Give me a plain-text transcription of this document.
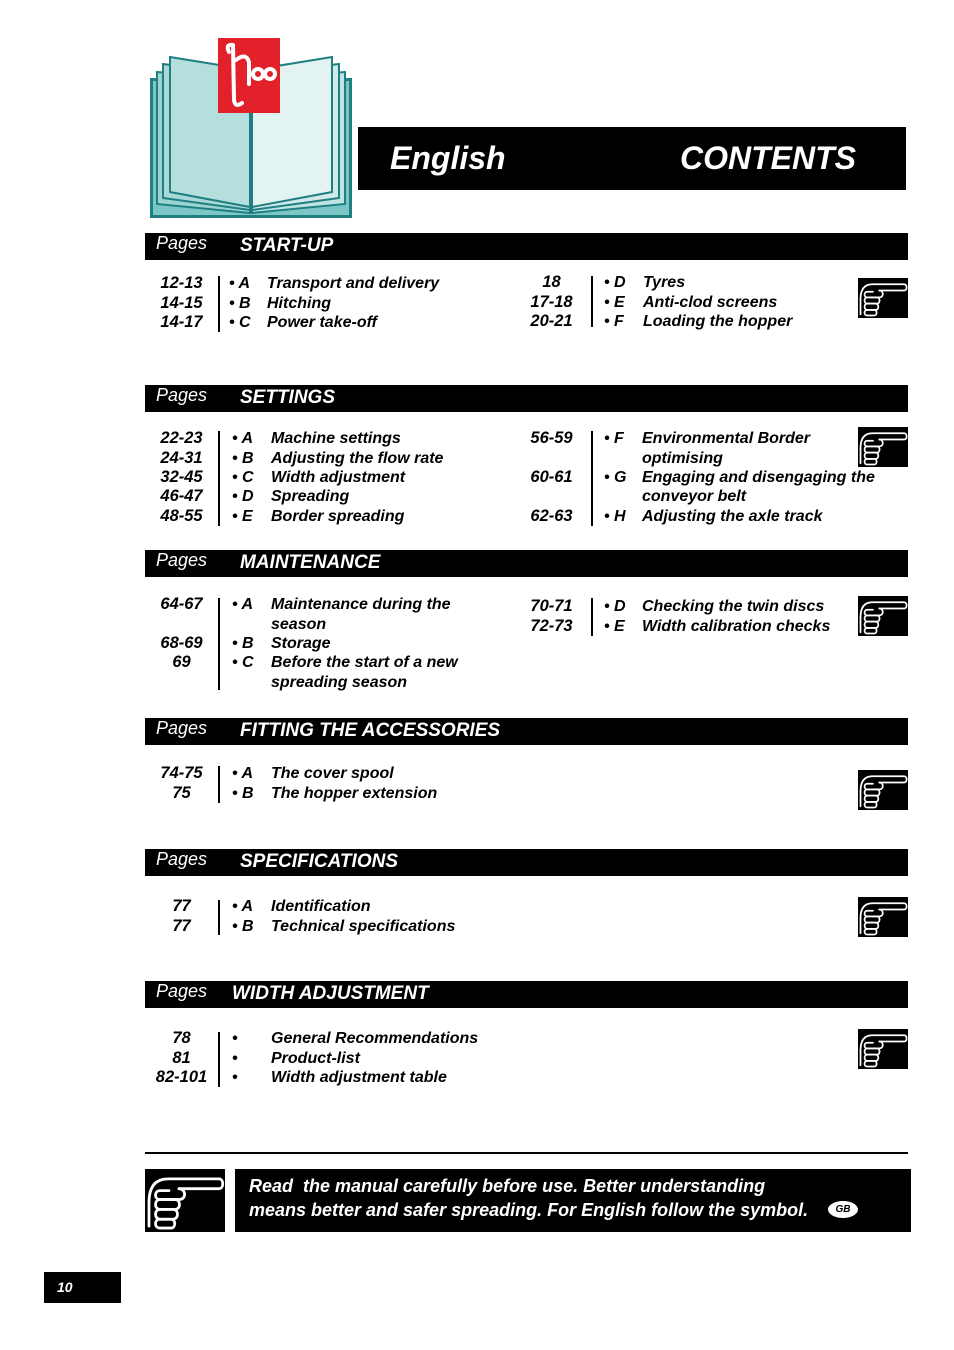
English	CONTENTS
Pages START-UP
12-13	• A	Transport and delivery
14-15	• B	Hitching
14-17	• C	Power take-off
18	• D	Tyres
17-18	• E	Anti-clod screens
20-21	• F	Loading the hopper
Pages SETTINGS
22-23	• A	Machine settings
24-31	• B	Adjusting the flow rate
32-45	• C	Width adjustment
46-47	• D	Spreading
48-55	• E	Border spreading
56-59	• F	Environmental Border
optimising
60-61	• G Engaging and disengaging the
conveyor belt
62-63	• H	Adjusting the axle track
Pages MAINTENANCE
64-67	• A	Maintenance during the
season
68-69	• B	Storage
69	• C	Before the start of a new
spreading season
70-71	• D	Checking the twin discs
72-73	• E	Width calibration checks
Pages FITTING THE ACCESSORIES
74-75	• A	The cover spool
75	• B	The hopper extension
Pages SPECIFICATIONS
77	• A	Identification
77	• B	Technical specifications
Pages WIDTH ADJUSTMENT
78	•	General Recommendations
81	•	Product-list
82-101	•	Width adjustment table
Read  the manual carefully before use. Better understanding
means better and safer spreading. For English follow the symbol.	GB
10
